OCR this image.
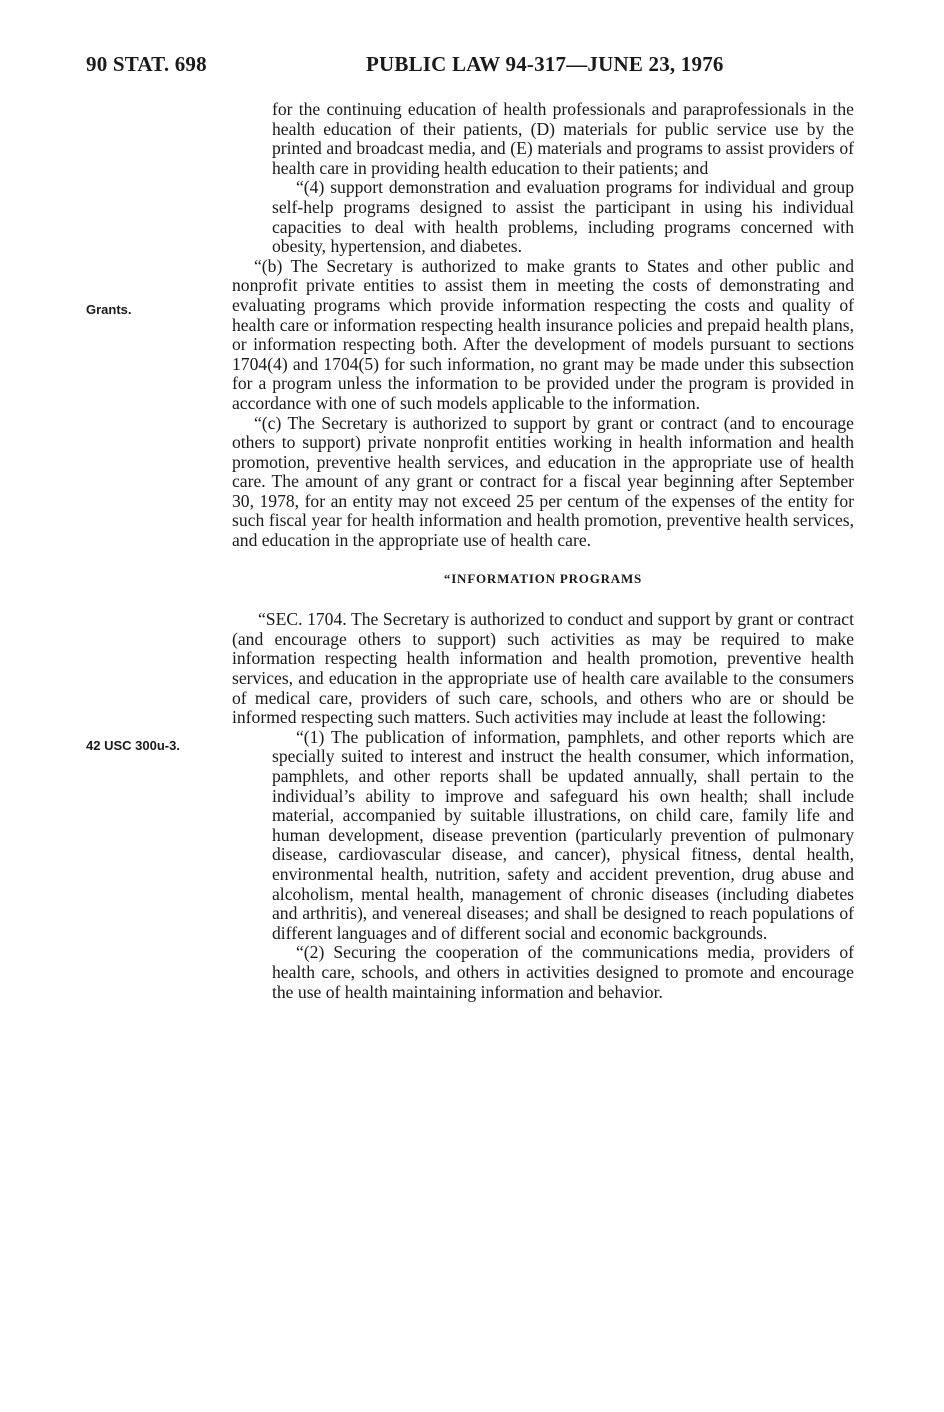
90 STAT. 698	PUBLIC LAW 94-317—JUNE 23, 1976
Grants.
42 USC 300u-3.

for the continuing education of health professionals and paraprofessionals in the health education of their patients, (D) materials for public service use by the printed and broadcast media, and (E) materials and programs to assist providers of health care in providing health education to their patients; and

“(4) support demonstration and evaluation programs for individual and group self-help programs designed to assist the participant in using his individual capacities to deal with health problems, including programs concerned with obesity, hypertension, and diabetes.

“(b) The Secretary is authorized to make grants to States and other public and nonprofit private entities to assist them in meeting the costs of demonstrating and evaluating programs which provide information respecting the costs and quality of health care or information respecting health insurance policies and prepaid health plans, or information respecting both. After the development of models pursuant to sections 1704(4) and 1704(5) for such information, no grant may be made under this subsection for a program unless the information to be provided under the program is provided in accordance with one of such models applicable to the information.

“(c) The Secretary is authorized to support by grant or contract (and to encourage others to support) private nonprofit entities working in health information and health promotion, preventive health services, and education in the appropriate use of health care. The amount of any grant or contract for a fiscal year beginning after September 30, 1978, for an entity may not exceed 25 per centum of the expenses of the entity for such fiscal year for health information and health promotion, preventive health services, and education in the appropriate use of health care.

“INFORMATION PROGRAMS

“SEC. 1704. The Secretary is authorized to conduct and support by grant or contract (and encourage others to support) such activities as may be required to make information respecting health information and health promotion, preventive health services, and education in the appropriate use of health care available to the consumers of medical care, providers of such care, schools, and others who are or should be informed respecting such matters. Such activities may include at least the following:

“(1) The publication of information, pamphlets, and other reports which are specially suited to interest and instruct the health consumer, which information, pamphlets, and other reports shall be updated annually, shall pertain to the individual’s ability to improve and safeguard his own health; shall include material, accompanied by suitable illustrations, on child care, family life and human development, disease prevention (particularly prevention of pulmonary disease, cardiovascular disease, and cancer), physical fitness, dental health, environmental health, nutrition, safety and accident prevention, drug abuse and alcoholism, mental health, management of chronic diseases (including diabetes and arthritis), and venereal diseases; and shall be designed to reach populations of different languages and of different social and economic backgrounds.

“(2) Securing the cooperation of the communications media, providers of health care, schools, and others in activities designed to promote and encourage the use of health maintaining information and behavior.
